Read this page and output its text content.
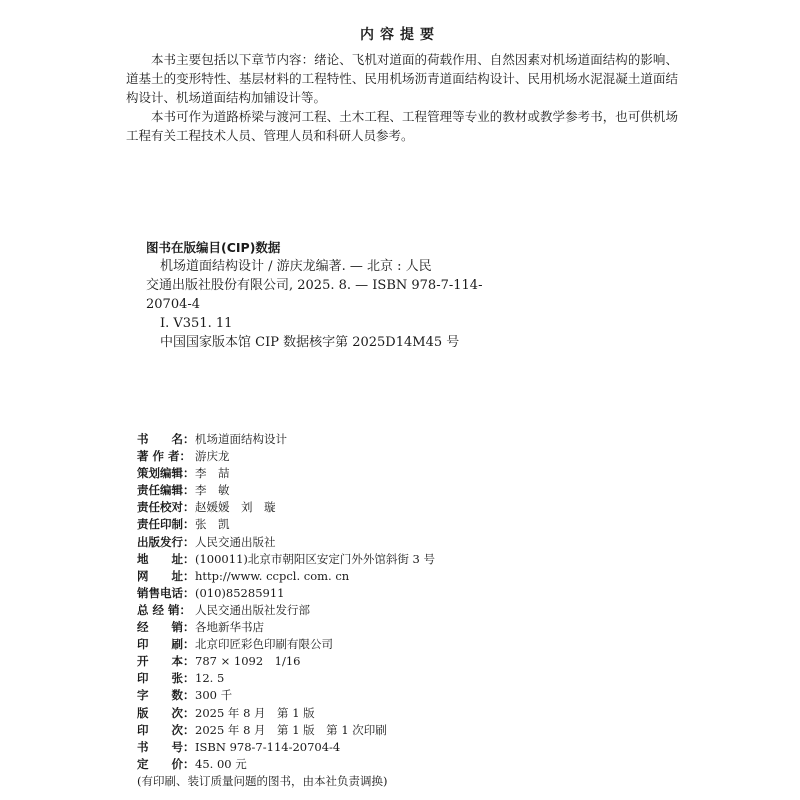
内容提要

本书主要包括以下章节内容：绪论、飞机对道面的荷载作用、自然因素对机场道面结构的影响、道基土的变形特性、基层材料的工程特性、民用机场沥青道面结构设计、民用机场水泥混凝土道面结构设计、机场道面结构加铺设计等。

本书可作为道路桥梁与渡河工程、土木工程、工程管理等专业的教材或教学参考书，也可供机场工程有关工程技术人员、管理人员和科研人员参考。

图书在版编目(CIP)数据
机场道面结构设计 / 游庆龙编著. — 北京 : 人民
交通出版社股份有限公司, 2025. 8. — ISBN 978-7-114-
20704-4
Ⅰ. V351. 11
中国国家版本馆 CIP 数据核字第 2025D14M45 号
书　　名： 机场道面结构设计
著 作 者： 游庆龙
策划编辑： 李　喆
责任编辑： 李　敏
责任校对： 赵媛媛　刘　璇
责任印制： 张　凯
出版发行： 人民交通出版社
地　　址： (100011)北京市朝阳区安定门外外馆斜街 3 号
网　　址： http://www. ccpcl. com. cn
销售电话： (010)85285911
总 经 销： 人民交通出版社发行部
经　　销： 各地新华书店
印　　刷： 北京印匠彩色印刷有限公司
开　　本： 787 × 1092　1/16
印　　张： 12. 5
字　　数： 300 千
版　　次： 2025 年 8 月　第 1 版
印　　次： 2025 年 8 月　第 1 版　第 1 次印刷
书　　号： ISBN 978-7-114-20704-4
定　　价： 45. 00 元
(有印刷、装订质量问题的图书，由本社负责调换)
